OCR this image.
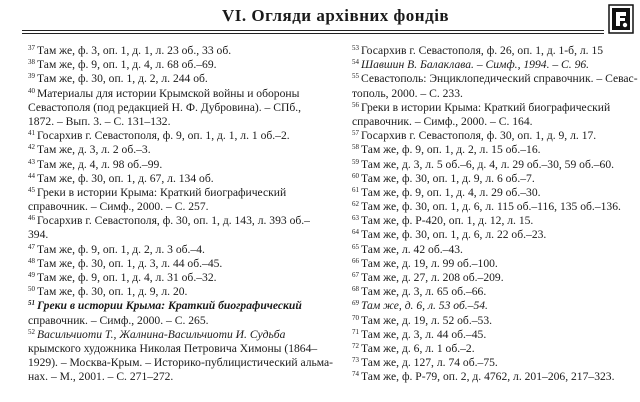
VI. Огляди архівних фондів
$^{37}$ Там же, ф. 3, оп. 1, д. 1, л. 23 об., 33 об.
$^{38}$ Там же, ф. 9, оп. 1, д. 4, л. 68 об.–69.
$^{39}$ Там же, ф. 30, оп. 1, д. 2, л. 244 об.
$^{40}$ Материалы для истории Крымской войны и обороны
Севастополя (под редакцией Н. Ф. Дубровина). – СПб.,
1872. – Вып. 3. – С. 131–132.
$^{41}$ Госархив г. Севастополя, ф. 9, оп. 1, д. 1, л. 1 об.–2.
$^{42}$ Там же, д. 3, л. 2 об.–3.
$^{43}$ Там же, д. 4, л. 98 об.–99.
$^{44}$ Там же, ф. 30, оп. 1, д. 67, л. 134 об.
$^{45}$ Греки в истории Крыма: Краткий биографический
справочник. – Симф., 2000. – С. 257.
$^{46}$ Госархив г. Севастополя, ф. 30, оп. 1, д. 143, л. 393 об.–
394.
$^{47}$ Там же, ф. 9, оп. 1, д. 2, л. 3 об.–4.
$^{48}$ Там же, ф. 30, оп. 1, д. 3, л. 44 об.–45.
$^{49}$ Там же, ф. 9, оп. 1, д. 4, л. 31 об.–32.
$^{50}$ Там же, ф. 30, оп. 1, д. 9, л. 20.
$^{51}$ Греки в истории Крыма: Краткий биографический
справочник. – Симф., 2000. – С. 265.
$^{52}$ Васильчиоти Т., Жалнина-Васильчиоти И. Судьба
крымского художника Николая Петровича Химоны (1864–
1929). – Москва-Крым. – Историко-публицистический альма-
нах. – М., 2001. – С. 271–272.
$^{53}$ Госархив г. Севастополя, ф. 26, оп. 1, д. 1-б, л. 15
$^{54}$ Шавшин В. Балаклава. – Симф., 1994. – С. 96.
$^{55}$ Севастополь: Энциклопедический справочник. – Севас-
тополь, 2000. – С. 233.
$^{56}$ Греки в истории Крыма: Краткий биографический
справочник. – Симф., 2000. – С. 164.
$^{57}$ Госархив г. Севастополя, ф. 30, оп. 1, д. 9, л. 17.
$^{58}$ Там же, ф. 9, оп. 1, д. 2, л. 15 об.–16.
$^{59}$ Там же, д. 3, л. 5 об.–6, д. 4, л. 29 об.–30, 59 об.–60.
$^{60}$ Там же, ф. 30, оп. 1, д. 9, л. 6 об.–7.
$^{61}$ Там же, ф. 9, оп. 1, д. 4, л. 29 об.–30.
$^{62}$ Там же, ф. 30, оп. 1, д. 6, л. 115 об.–116, 135 об.–136.
$^{63}$ Там же, ф. Р-420, оп. 1, д. 12, л. 15.
$^{64}$ Там же, ф. 30, оп. 1, д. 6, л. 22 об.–23.
$^{65}$ Там же, л. 42 об.–43.
$^{66}$ Там же, д. 19, л. 99 об.–100.
$^{67}$ Там же, д. 27, л. 208 об.–209.
$^{68}$ Там же, д. 3, л. 65 об.–66.
$^{69}$ Там же, д. 6, л. 53 об.–54.
$^{70}$ Там же, д. 19, л. 52 об.–53.
$^{71}$ Там же, д. 3, л. 44 об.–45.
$^{72}$ Там же, д. 6, л. 1 об.–2.
$^{73}$ Там же, д. 127, л. 74 об.–75.
$^{74}$ Там же, ф. Р-79, оп. 2, д. 4762, л. 201–206, 217–323.
